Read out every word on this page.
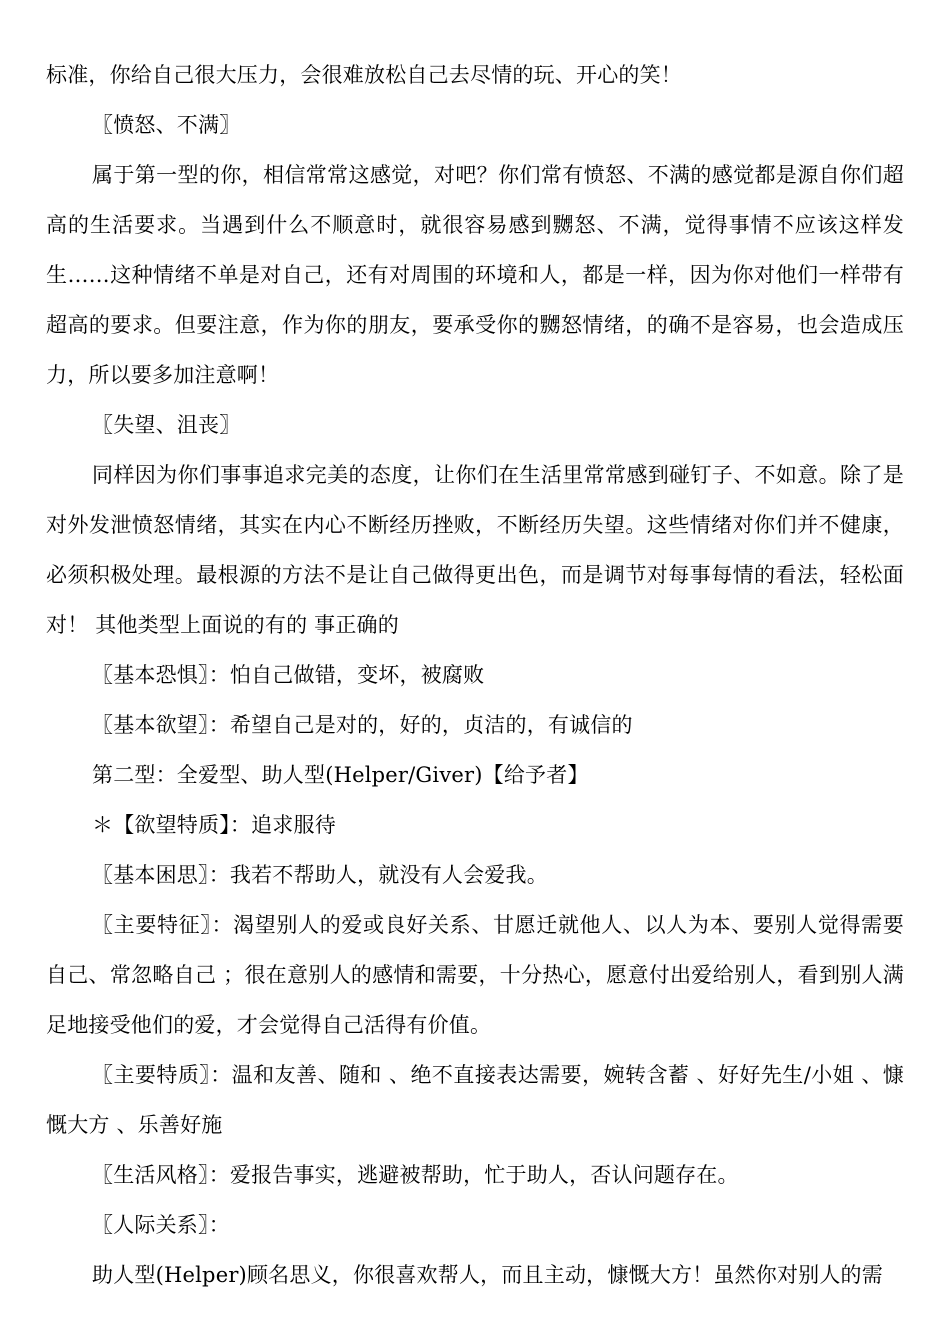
标准，你给自己很大压力，会很难放松自己去尽情的玩、开心的笑！

〖愤怒、不满〗

属于第一型的你，相信常常这感觉，对吧？你们常有愤怒、不满的感觉都是源自你们超高的生活要求。当遇到什么不顺意时，就很容易感到嬲怒、不满，觉得事情不应该这样发生……这种情绪不单是对自己，还有对周围的环境和人，都是一样，因为你对他们一样带有超高的要求。但要注意，作为你的朋友，要承受你的嬲怒情绪，的确不是容易，也会造成压力，所以要多加注意啊！

〖失望、沮丧〗

同样因为你们事事追求完美的态度，让你们在生活里常常感到碰钉子、不如意。除了是对外发泄愤怒情绪，其实在内心不断经历挫败，不断经历失望。这些情绪对你们并不健康，必须积极处理。最根源的方法不是让自己做得更出色，而是调节对每事每情的看法，轻松面对！ 其他类型上面说的有的 事正确的

〖基本恐惧〗：怕自己做错，变坏，被腐败

〖基本欲望〗：希望自己是对的，好的，贞洁的，有诚信的

第二型：全爱型、助人型(Helper/Giver)【给予者】

＊【欲望特质】：追求服待

〖基本困思〗：我若不帮助人，就没有人会爱我。

〖主要特征〗：渴望别人的爱或良好关系、甘愿迁就他人、以人为本、要别人觉得需要自己、常忽略自己 ；很在意别人的感情和需要，十分热心，愿意付出爱给别人，看到别人满足地接受他们的爱，才会觉得自己活得有价值。

〖主要特质〗：温和友善、随和 、绝不直接表达需要，婉转含蓄 、好好先生/小姐 、慷慨大方 、乐善好施

〖生活风格〗：爱报告事实，逃避被帮助，忙于助人，否认问题存在。

〖人际关系〗：

助人型(Helper)顾名思义，你很喜欢帮人，而且主动，慷慨大方！虽然你对别人的需
